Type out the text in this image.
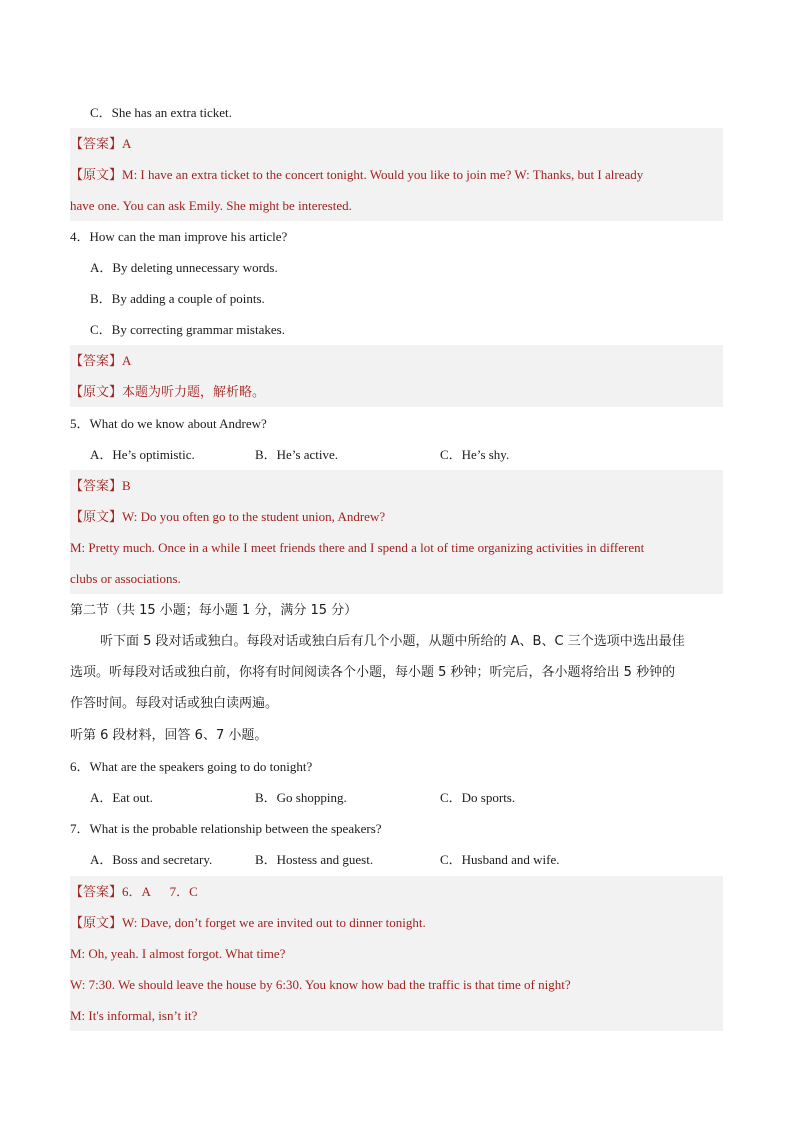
C．She has an extra ticket.
【答案】A
【原文】M: I have an extra ticket to the concert tonight. Would you like to join me? W: Thanks, but I already
have one. You can ask Emily. She might be interested.
4．How can the man improve his article?
A．By deleting unnecessary words.
B．By adding a couple of points.
C．By correcting grammar mistakes.
【答案】A
【原文】本题为听力题，解析略。
5．What do we know about Andrew?
A．He’s optimistic.	B．He’s active.	C．He’s shy.
【答案】B
【原文】W: Do you often go to the student union, Andrew?
M: Pretty much. Once in a while I meet friends there and I spend a lot of time organizing activities in different
clubs or associations.
第二节（共 15 小题；每小题 1 分，满分 15 分）
听下面 5 段对话或独白。每段对话或独白后有几个小题，从题中所给的 A、B、C 三个选项中选出最佳
选项。听每段对话或独白前，你将有时间阅读各个小题，每小题 5 秒钟；听完后，各小题将给出 5 秒钟的
作答时间。每段对话或独白读两遍。
听第 6 段材料，回答 6、7 小题。
6．What are the speakers going to do tonight?
A．Eat out.	B．Go shopping.	C．Do sports.
7．What is the probable relationship between the speakers?
A．Boss and secretary.	B．Hostess and guest.	C．Husband and wife.
【答案】6．A      7．C
【原文】W: Dave, don’t forget we are invited out to dinner tonight.
M: Oh, yeah. I almost forgot. What time?
W: 7:30. We should leave the house by 6:30. You know how bad the traffic is that time of night?
M: It's informal, isn’t it?
